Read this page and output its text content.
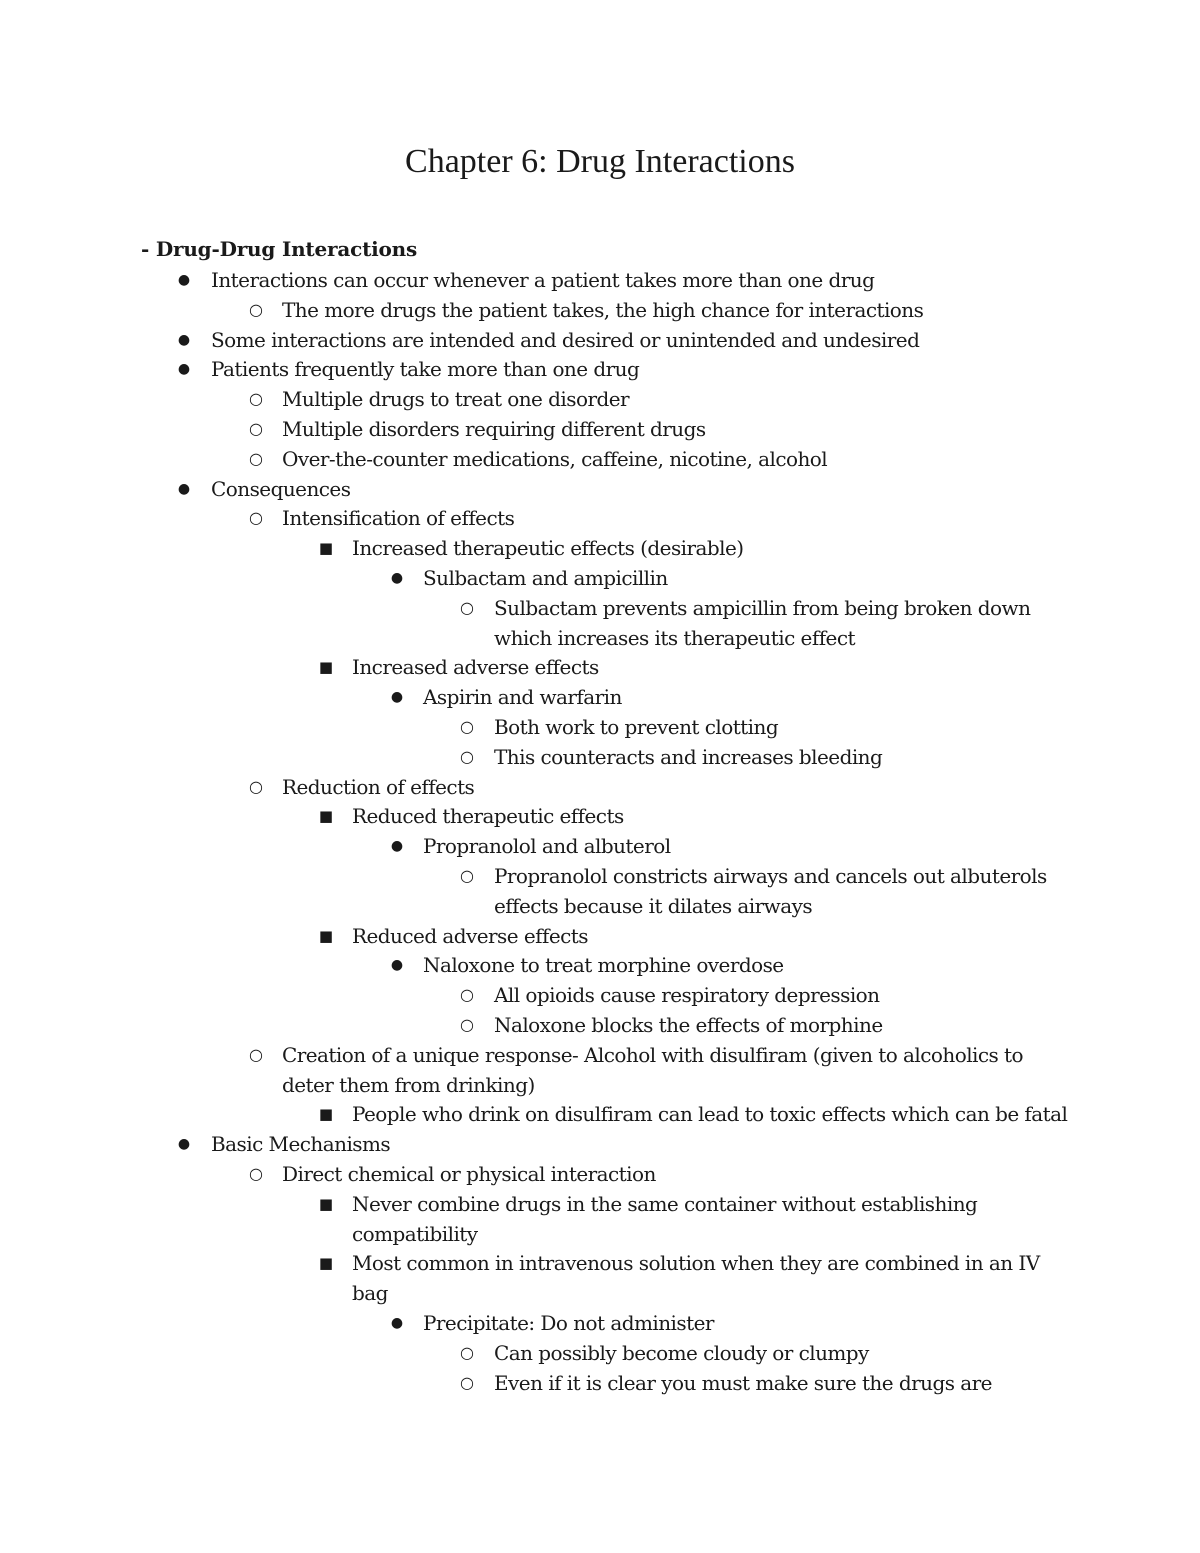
Chapter 6: Drug Interactions
- Drug-Drug Interactions
● Interactions can occur whenever a patient takes more than one drug
○ The more drugs the patient takes, the high chance for interactions
● Some interactions are intended and desired or unintended and undesired
● Patients frequently take more than one drug
○ Multiple drugs to treat one disorder
○ Multiple disorders requiring different drugs
○ Over-the-counter medications, caffeine, nicotine, alcohol
● Consequences
○ Intensification of effects
■ Increased therapeutic effects (desirable)
● Sulbactam and ampicillin
○ Sulbactam prevents ampicillin from being broken down
which increases its therapeutic effect
■ Increased adverse effects
● Aspirin and warfarin
○ Both work to prevent clotting
○ This counteracts and increases bleeding
○ Reduction of effects
■ Reduced therapeutic effects
● Propranolol and albuterol
○ Propranolol constricts airways and cancels out albuterols
effects because it dilates airways
■ Reduced adverse effects
● Naloxone to treat morphine overdose
○ All opioids cause respiratory depression
○ Naloxone blocks the effects of morphine
○ Creation of a unique response- Alcohol with disulfiram (given to alcoholics to
deter them from drinking)
■ People who drink on disulfiram can lead to toxic effects which can be fatal
● Basic Mechanisms
○ Direct chemical or physical interaction
■ Never combine drugs in the same container without establishing
compatibility
■ Most common in intravenous solution when they are combined in an IV
bag
● Precipitate: Do not administer
○ Can possibly become cloudy or clumpy
○ Even if it is clear you must make sure the drugs are
